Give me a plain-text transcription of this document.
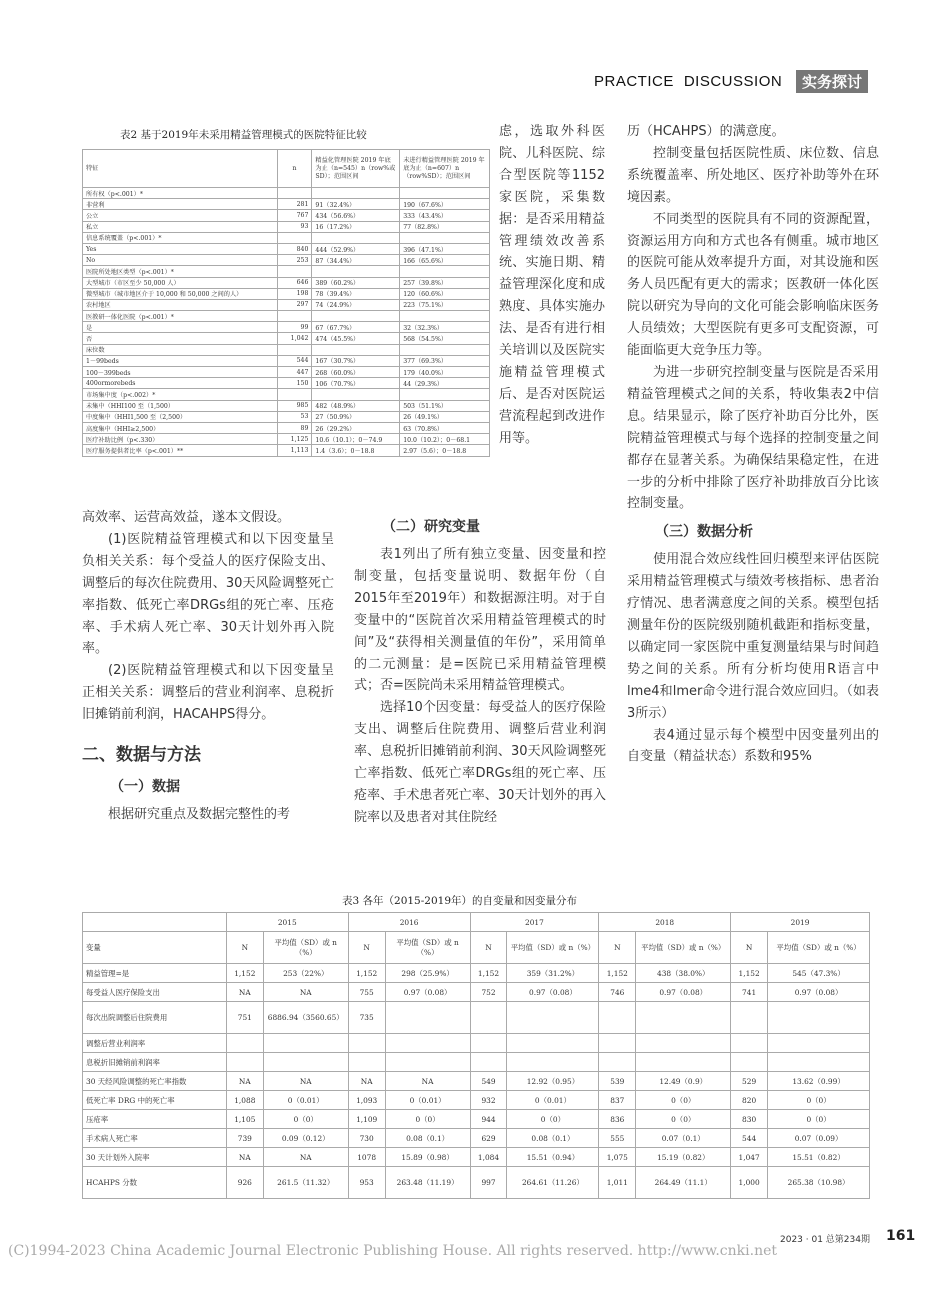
PRACTICE DISCUSSION	实务探讨
表2 基于2019年未采用精益管理模式的医院特征比较
特征	n	精益化管理医院 2019 年底为止（n=545）n（row%或 SD）；范围区间	未进行精益管理医院 2019 年底为止（n=607）n（row%SD）；范围区间
所有权（p<.001）*			
非营利	281	91（32.4%）	190（67.6%）
公立	767	434（56.6%）	333（43.4%）
私立	93	16（17.2%）	77（82.8%）
信息系统覆盖（p<.001）*			
Yes	840	444（52.9%）	396（47.1%）
No	253	87（34.4%）	166（65.6%）
医院所处地区类型（p<.001）*			
大型城市（市区至少 50,000 人）	646	389（60.2%）	257（39.8%）
微型城市（城市地区介于 10,000 和 50,000 之间的人）	198	78（39.4%）	120（60.6%）
农村地区	297	74（24.9%）	223（75.1%）
医教研一体化医院（p<.001）*			
是	99	67（67.7%）	32（32.3%）
否	1,042	474（45.5%）	568（54.5%）
床位数			
1－99beds	544	167（30.7%）	377（69.3%）
100－399beds	447	268（60.0%）	179（40.0%）
400ormorebeds	150	106（70.7%）	44（29.3%）
市场集中度（p<.002）*			
未集中（HHI100 至（1,500）	985	482（48.9%）	503（51.1%）
中度集中（HHI1,500 至（2,500）	53	27（50.9%）	26（49.1%）
高度集中（HHI≥2,500）	89	26（29.2%）	63（70.8%）
医疗补助比例（p<.330）	1,125	10.6（10.1）；0－74.9	10.0（10.2）；0－68.1
医疗服务提供者比率（p<.001）**	1,113	1.4（3.6）；0－18.8	2.97（5.6）；0－18.8

虑，选取外科医院、儿科医院、综合型医院等1152家医院，采集数据：是否采用精益管理绩效改善系统、实施日期、精益管理深化度和成熟度、具体实施办法、是否有进行相关培训以及医院实施精益管理模式后、是否对医院运营流程起到改进作用等。

高效率、运营高效益，遂本文假设。

(1)医院精益管理模式和以下因变量呈负相关关系：每个受益人的医疗保险支出、调整后的每次住院费用、30天风险调整死亡率指数、低死亡率DRGs组的死亡率、压疮率、手术病人死亡率、30天计划外再入院率。

(2)医院精益管理模式和以下因变量呈正相关关系：调整后的营业利润率、息税折旧摊销前利润，HACAHPS得分。

二、数据与方法
（一）数据

根据研究重点及数据完整性的考

（二）研究变量

表1列出了所有独立变量、因变量和控制变量，包括变量说明、数据年份（自2015年至2019年）和数据源注明。对于自变量中的“医院首次采用精益管理模式的时间”及“获得相关测量值的年份”，采用简单的二元测量：是=医院已采用精益管理模式；否=医院尚未采用精益管理模式。

选择10个因变量：每受益人的医疗保险支出、调整后住院费用、调整后营业利润率、息税折旧摊销前利润、30天风险调整死亡率指数、低死亡率DRGs组的死亡率、压疮率、手术患者死亡率、30天计划外的再入院率以及患者对其住院经

历（HCAHPS）的满意度。

控制变量包括医院性质、床位数、信息系统覆盖率、所处地区、医疗补助等外在环境因素。

不同类型的医院具有不同的资源配置，资源运用方向和方式也各有侧重。城市地区的医院可能从效率提升方面，对其设施和医务人员匹配有更大的需求；医教研一体化医院以研究为导向的文化可能会影响临床医务人员绩效；大型医院有更多可支配资源，可能面临更大竞争压力等。

为进一步研究控制变量与医院是否采用精益管理模式之间的关系，特收集表2中信息。结果显示，除了医疗补助百分比外，医院精益管理模式与每个选择的控制变量之间都存在显著关系。为确保结果稳定性，在进一步的分析中排除了医疗补助排放百分比该控制变量。

（三）数据分析

使用混合效应线性回归模型来评估医院采用精益管理模式与绩效考核指标、患者治疗情况、患者满意度之间的关系。模型包括测量年份的医院级别随机截距和指标变量，以确定同一家医院中重复测量结果与时间趋势之间的关系。所有分析均使用R语言中lme4和lmer命令进行混合效应回归。（如表3所示）

表4通过显示每个模型中因变量列出的自变量（精益状态）系数和95%

表3 各年（2015-2019年）的自变量和因变量分布
	2015		2016		2017		2018		2019	
变量	N	平均值（SD）或 n（%）	N	平均值（SD）或 n（%）	N	平均值（SD）或 n（%）	N	平均值（SD）或 n（%）	N	平均值（SD）或 n（%）
精益管理=是	1,152	253（22%）	1,152	298（25.9%）	1,152	359（31.2%）	1,152	438（38.0%）	1,152	545（47.3%）
每受益人医疗保险支出	NA	NA	755	0.97（0.08）	752	0.97（0.08）	746	0.97（0.08）	741	0.97（0.08）
每次出院调整后住院费用	751	6886.94（3560.65）	735							
调整后营业利润率										
息税折旧摊销前利润率										
30 天经风险调整的死亡率指数	NA	NA	NA	NA	549	12.92（0.95）	539	12.49（0.9）	529	13.62（0.99）
低死亡率 DRG 中的死亡率	1,088	0（0.01）	1,093	0（0.01）	932	0（0.01）	837	0（0）	820	0（0）
压疮率	1,105	0（0）	1,109	0（0）	944	0（0）	836	0（0）	830	0（0）
手术病人死亡率	739	0.09（0.12）	730	0.08（0.1）	629	0.08（0.1）	555	0.07（0.1）	544	0.07（0.09）
30 天计划外入院率	NA	NA	1078	15.89（0.98）	1,084	15.51（0.94）	1,075	15.19（0.82）	1,047	15.51（0.82）
HCAHPS 分数	926	261.5（11.32）	953	263.48（11.19）	997	264.61（11.26）	1,011	264.49（11.1）	1,000	265.38（10.98）
2023 · 01 总第234期 161
(C)1994-2023 China Academic Journal Electronic Publishing House. All rights reserved. http://www.cnki.net
